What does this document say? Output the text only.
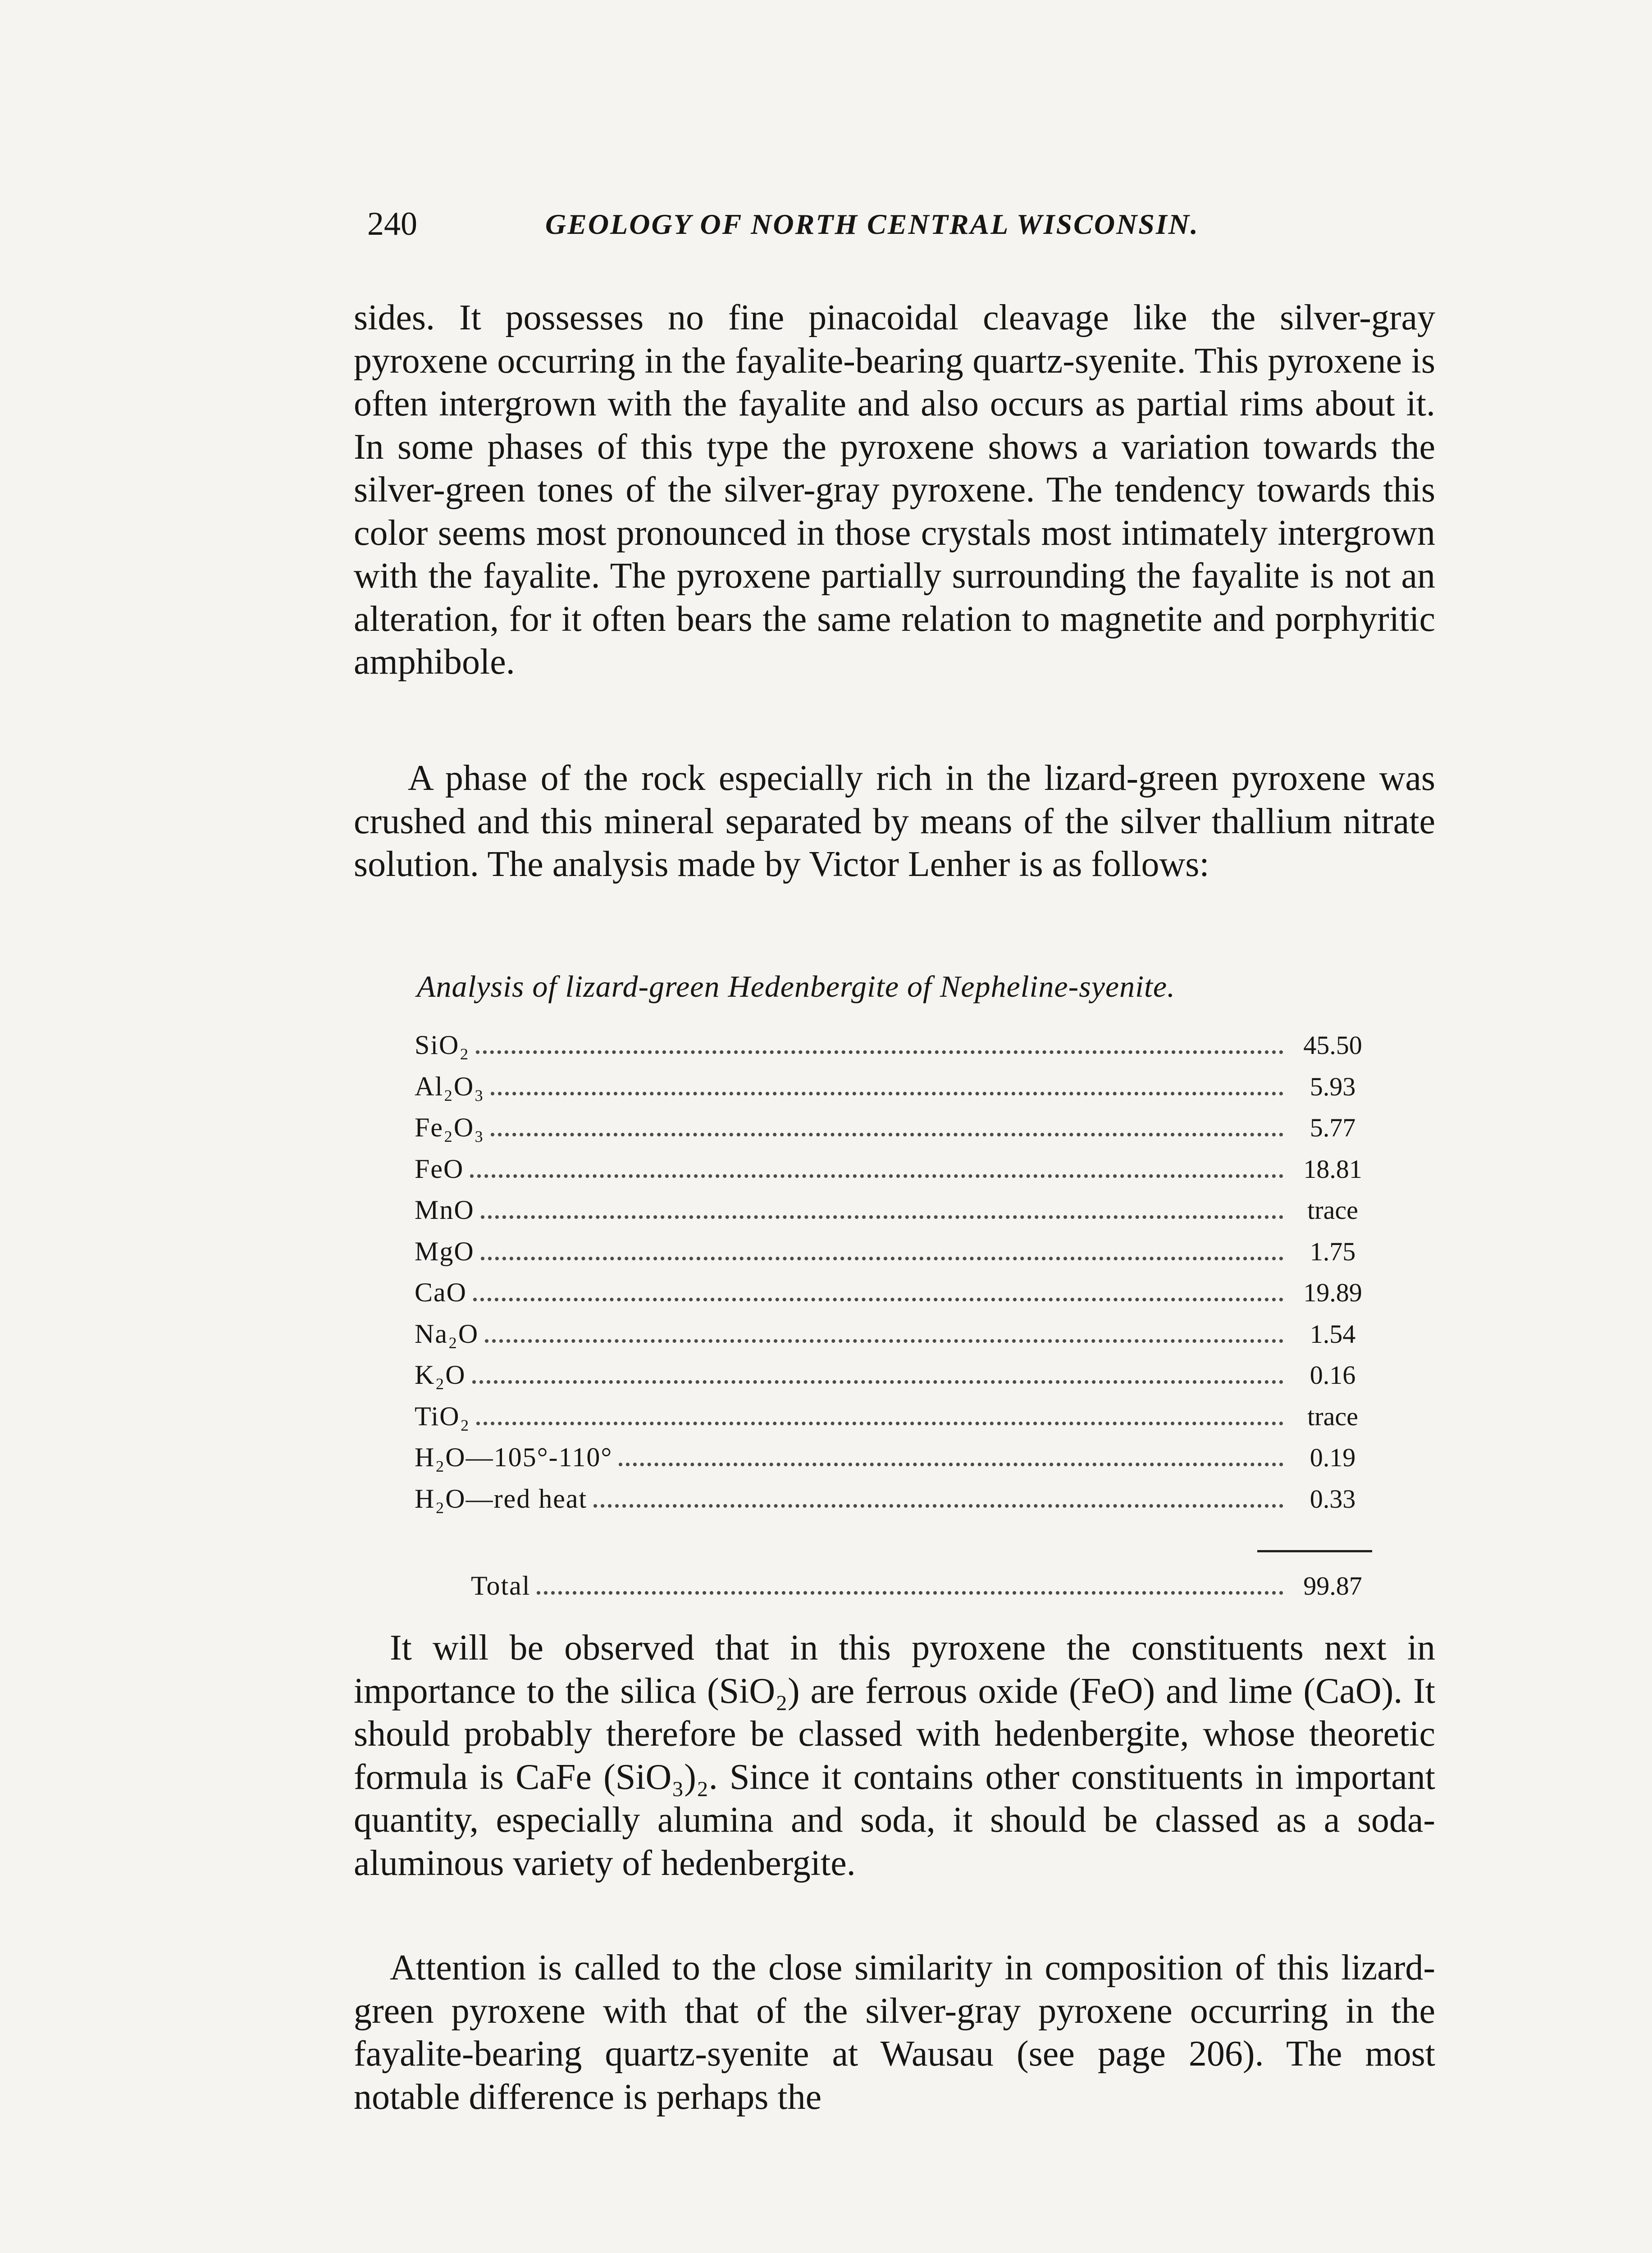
240	GEOLOGY OF NORTH CENTRAL WISCONSIN.

sides. It possesses no fine pinacoidal cleavage like the silver-gray pyroxene occurring in the fayalite-bearing quartz-syenite. This pyroxene is often intergrown with the fayalite and also occurs as partial rims about it. In some phases of this type the pyroxene shows a variation towards the silver-green tones of the silver-gray pyroxene. The tendency towards this color seems most pronounced in those crystals most intimately intergrown with the fayalite. The pyroxene partially surrounding the fayalite is not an alteration, for it often bears the same relation to magnetite and porphyritic amphibole.

A phase of the rock especially rich in the lizard-green pyroxene was crushed and this mineral separated by means of the silver thallium nitrate solution. The analysis made by Victor Lenher is as follows:

Analysis of lizard-green Hedenbergite of Nepheline-syenite.
SiO₂	45.50
Al₂O₃	5.93
Fe₂O₃	5.77
FeO	18.81
MnO	trace
MgO	1.75
CaO	19.89
Na₂O	1.54
K₂O	0.16
TiO₂	trace
H₂O—105°-110°	0.19
H₂O—red heat	0.33
Total	99.87

It will be observed that in this pyroxene the constituents next in importance to the silica (SiO₂) are ferrous oxide (FeO) and lime (CaO). It should probably therefore be classed with hedenbergite, whose theoretic formula is CaFe (SiO₃)₂. Since it contains other constituents in important quantity, especially alumina and soda, it should be classed as a soda-aluminous variety of hedenbergite.

Attention is called to the close similarity in composition of this lizard-green pyroxene with that of the silver-gray pyroxene occurring in the fayalite-bearing quartz-syenite at Wausau (see page 206). The most notable difference is perhaps the
